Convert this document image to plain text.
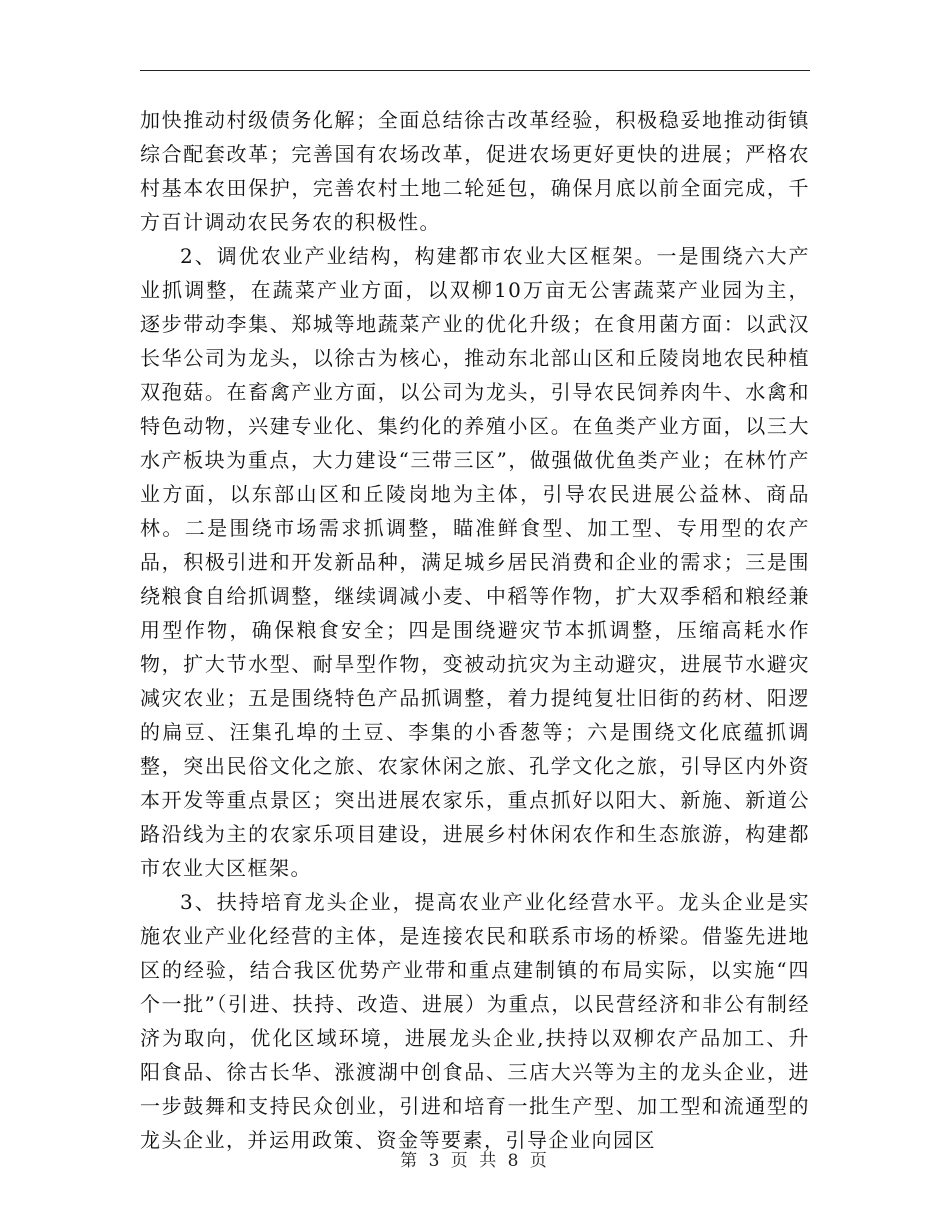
加快推动村级债务化解；全面总结徐古改革经验，积极稳妥地推动街镇综合配套改革；完善国有农场改革，促进农场更好更快的进展；严格农村基本农田保护，完善农村土地二轮延包，确保月底以前全面完成，千方百计调动农民务农的积极性。

2、调优农业产业结构，构建都市农业大区框架。一是围绕六大产业抓调整，在蔬菜产业方面，以双柳10万亩无公害蔬菜产业园为主，逐步带动李集、郑城等地蔬菜产业的优化升级；在食用菌方面：以武汉长华公司为龙头，以徐古为核心，推动东北部山区和丘陵岗地农民种植双孢菇。在畜禽产业方面，以公司为龙头，引导农民饲养肉牛、水禽和特色动物，兴建专业化、集约化的养殖小区。在鱼类产业方面，以三大水产板块为重点，大力建设“三带三区”，做强做优鱼类产业；在林竹产业方面，以东部山区和丘陵岗地为主体，引导农民进展公益林、商品林。二是围绕市场需求抓调整，瞄准鲜食型、加工型、专用型的农产品，积极引进和开发新品种，满足城乡居民消费和企业的需求；三是围绕粮食自给抓调整，继续调减小麦、中稻等作物，扩大双季稻和粮经兼用型作物，确保粮食安全；四是围绕避灾节本抓调整，压缩高耗水作物，扩大节水型、耐旱型作物，变被动抗灾为主动避灾，进展节水避灾减灾农业；五是围绕特色产品抓调整，着力提纯复壮旧街的药材、阳逻的扁豆、汪集孔埠的土豆、李集的小香葱等；六是围绕文化底蕴抓调整，突出民俗文化之旅、农家休闲之旅、孔学文化之旅，引导区内外资本开发等重点景区；突出进展农家乐，重点抓好以阳大、新施、新道公路沿线为主的农家乐项目建设，进展乡村休闲农作和生态旅游，构建都市农业大区框架。

3、扶持培育龙头企业，提高农业产业化经营水平。龙头企业是实施农业产业化经营的主体，是连接农民和联系市场的桥梁。借鉴先进地区的经验，结合我区优势产业带和重点建制镇的布局实际，以实施“四个一批”（引进、扶持、改造、进展）为重点，以民营经济和非公有制经济为取向，优化区域环境，进展龙头企业,扶持以双柳农产品加工、升阳食品、徐古长华、涨渡湖中创食品、三店大兴等为主的龙头企业，进一步鼓舞和支持民众创业，引进和培育一批生产型、加工型和流通型的龙头企业，并运用政策、资金等要素，引导企业向园区

第 3 页 共 8 页
